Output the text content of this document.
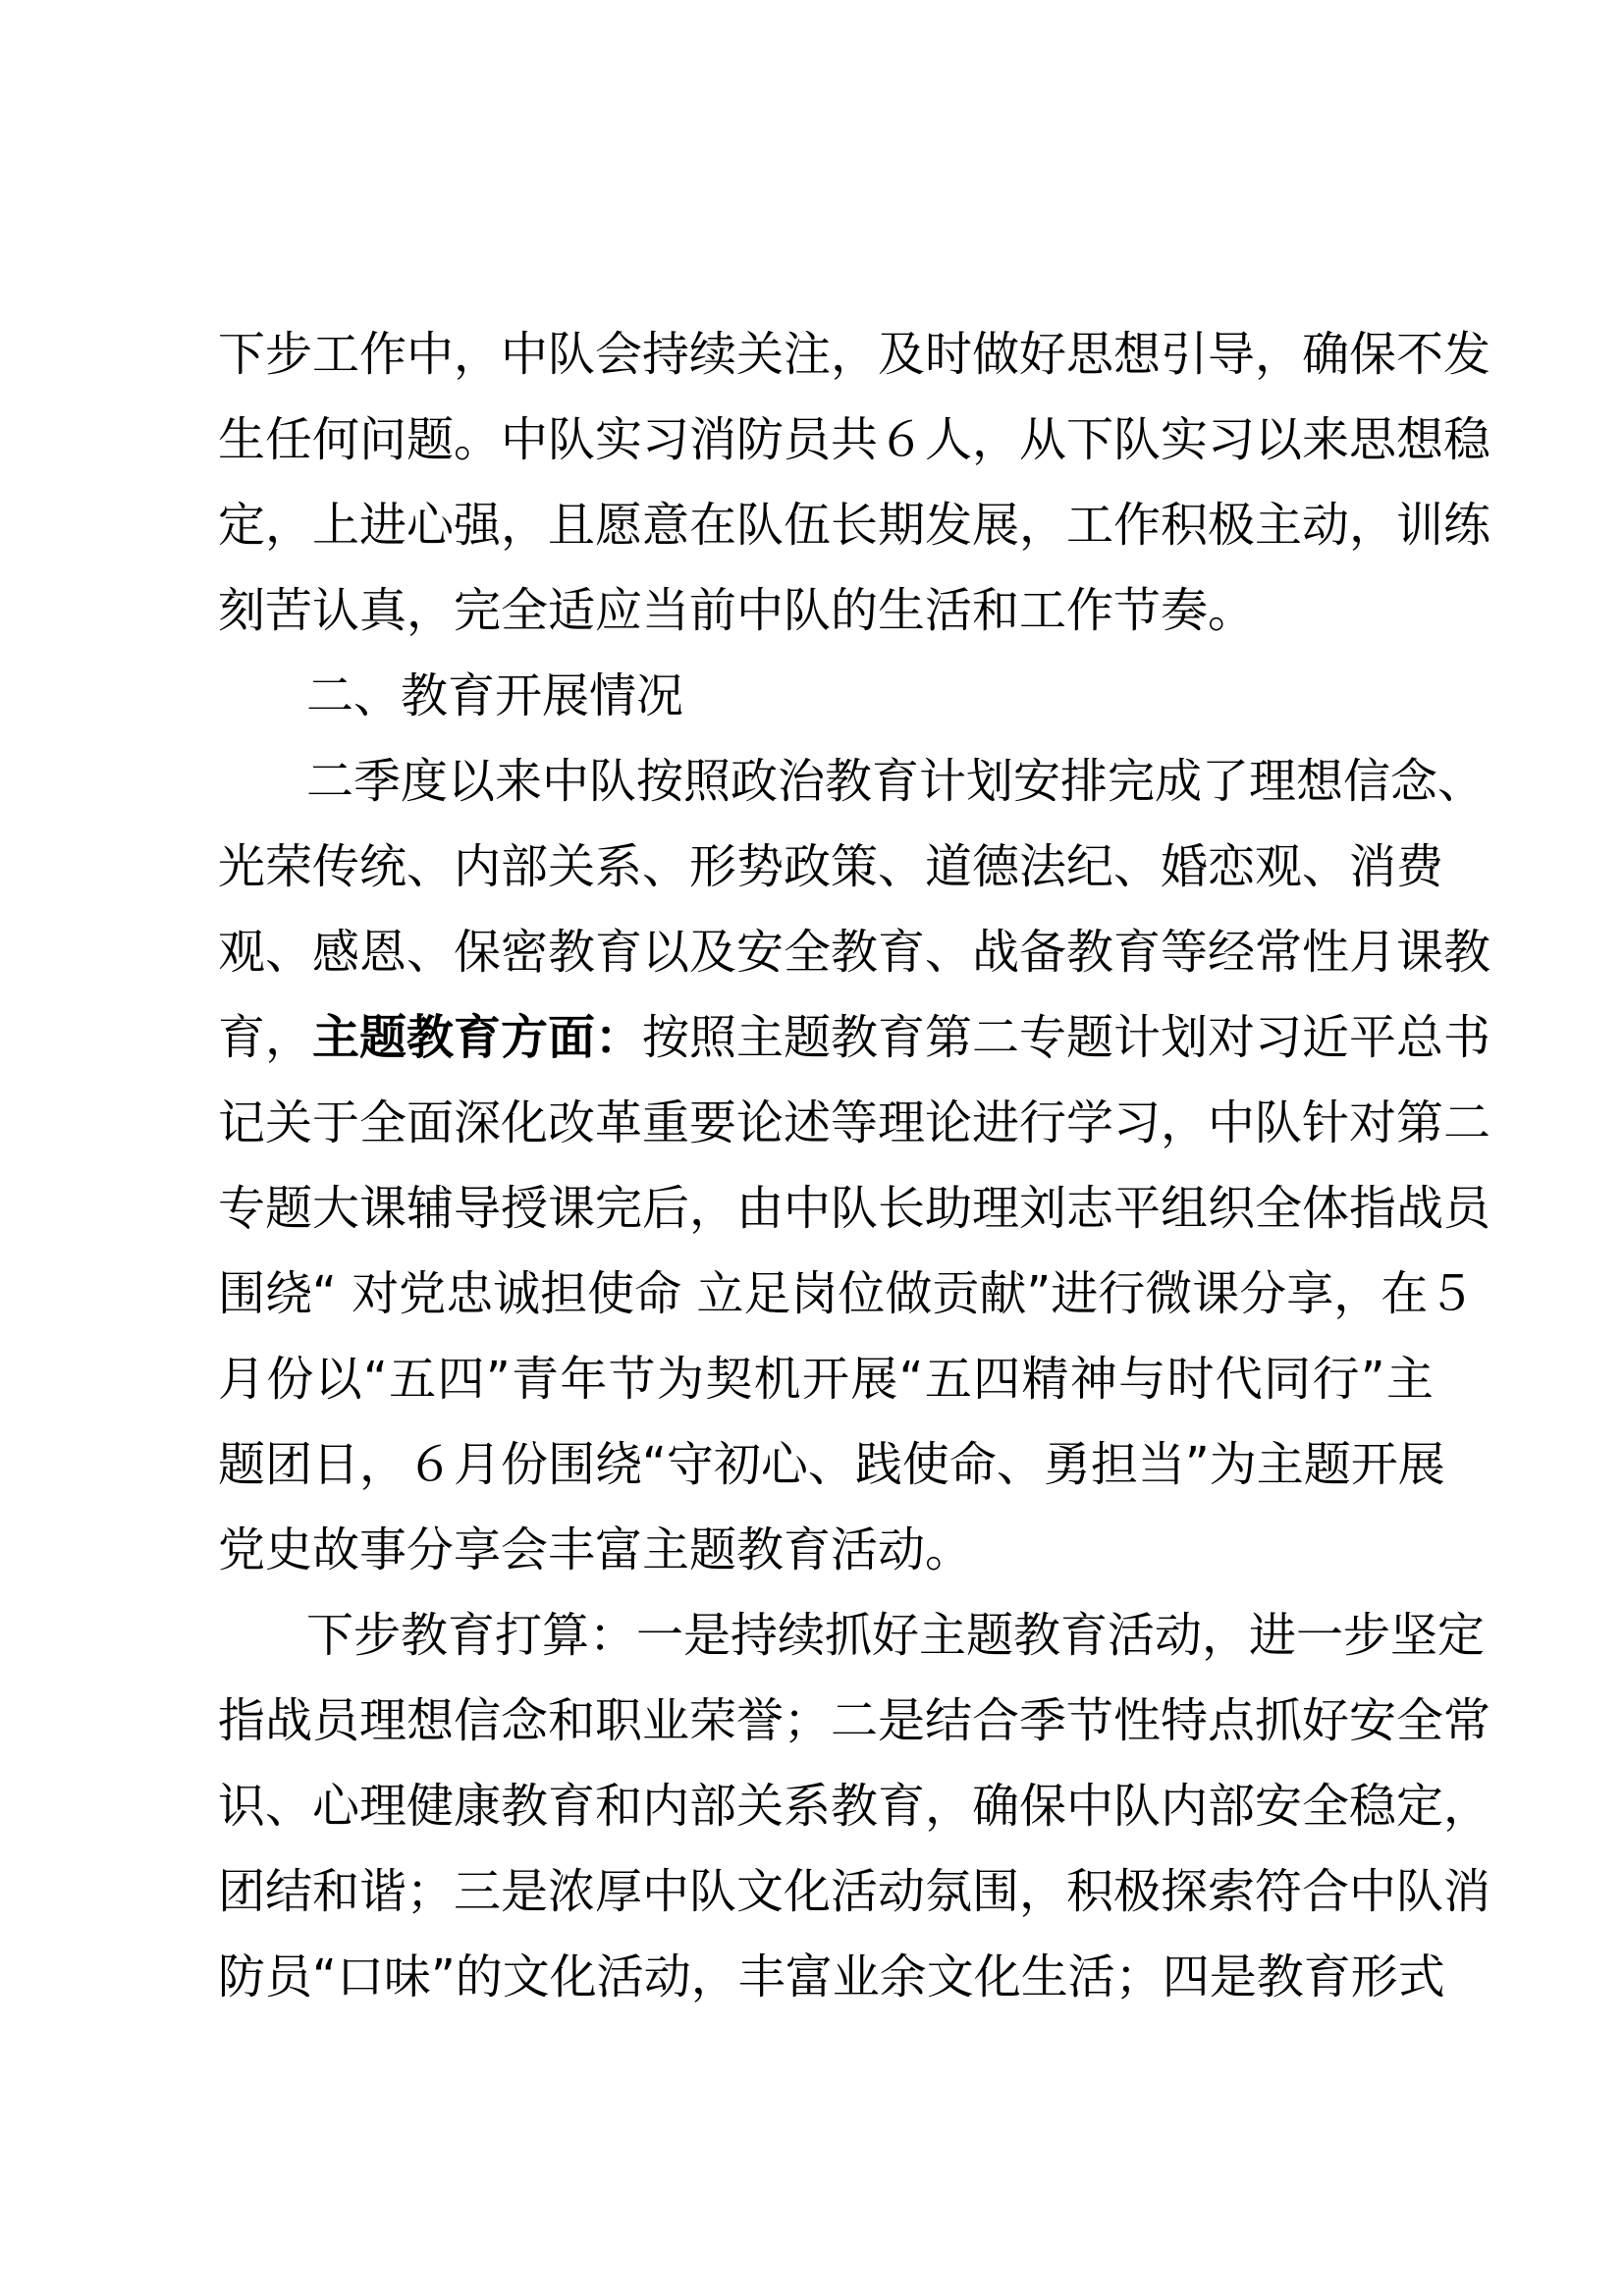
下步工作中，中队会持续关注，及时做好思想引导，确保不发
生任何问题。中队实习消防员共６人，从下队实习以来思想稳
定，上进心强，且愿意在队伍长期发展，工作积极主动，训练
刻苦认真，完全适应当前中队的生活和工作节奏。
二、教育开展情况
二季度以来中队按照政治教育计划安排完成了理想信念、
光荣传统、内部关系、形势政策、道德法纪、婚恋观、消费
观、感恩、保密教育以及安全教育、战备教育等经常性月课教
育，主题教育方面：按照主题教育第二专题计划对习近平总书
记关于全面深化改革重要论述等理论进行学习，中队针对第二
专题大课辅导授课完后，由中队长助理刘志平组织全体指战员
围绕“ 对党忠诚担使命 立足岗位做贡献”进行微课分享，在５
月份以“五四”青年节为契机开展“五四精神与时代同行”主
题团日，６月份围绕“守初心、践使命、勇担当”为主题开展
党史故事分享会丰富主题教育活动。
下步教育打算：一是持续抓好主题教育活动，进一步坚定
指战员理想信念和职业荣誉；二是结合季节性特点抓好安全常
识、心理健康教育和内部关系教育，确保中队内部安全稳定，
团结和谐；三是浓厚中队文化活动氛围，积极探索符合中队消
防员“口味”的文化活动，丰富业余文化生活；四是教育形式
